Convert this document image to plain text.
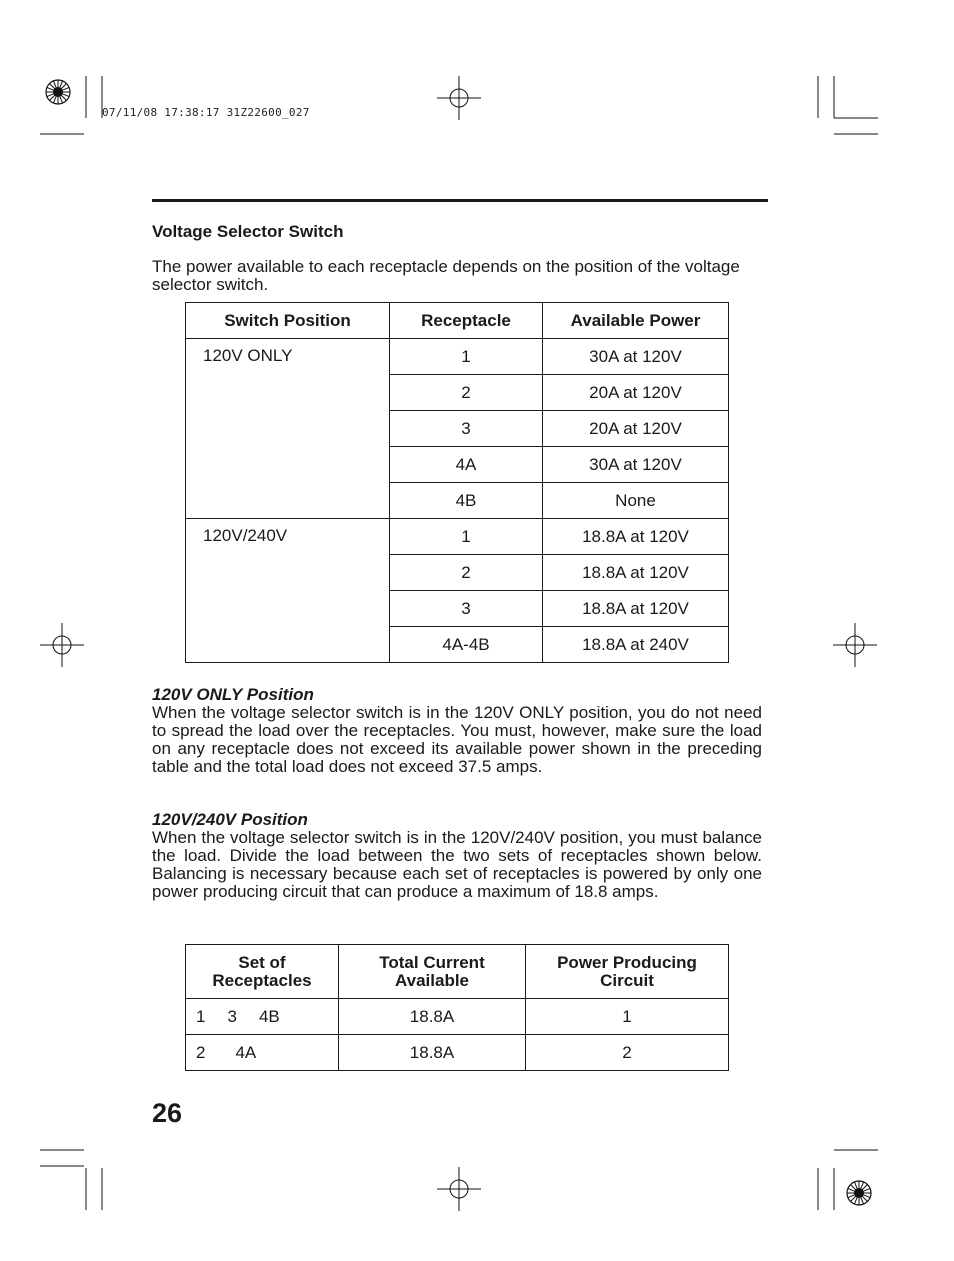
07/11/08 17:38:17 31Z22600_027
Voltage Selector Switch

The power available to each receptacle depends on the position of the voltage selector switch.

Switch Position	Receptacle	Available Power
120V ONLY	1	30A at 120V
	2	20A at 120V
	3	20A at 120V
	4A	30A at 120V
	4B	None
120V/240V	1	18.8A at 120V
	2	18.8A at 120V
	3	18.8A at 120V
	4A-4B	18.8A at 240V
120V ONLY Position

When the voltage selector switch is in the 120V ONLY position, you do not need to spread the load over the receptacles. You must, however, make sure the load on any receptacle does not exceed its available power shown in the preceding table and the total load does not exceed 37.5 amps.

120V/240V Position

When the voltage selector switch is in the 120V/240V position, you must balance the load. Divide the load between the two sets of receptacles shown below. Balancing is necessary because each set of receptacles is powered by only one power producing circuit that can produce a maximum of 18.8 amps.

Set of Receptacles	Total Current Available	Power Producing Circuit
1 3 4B	18.8A	1
2 4A	18.8A	2
26
